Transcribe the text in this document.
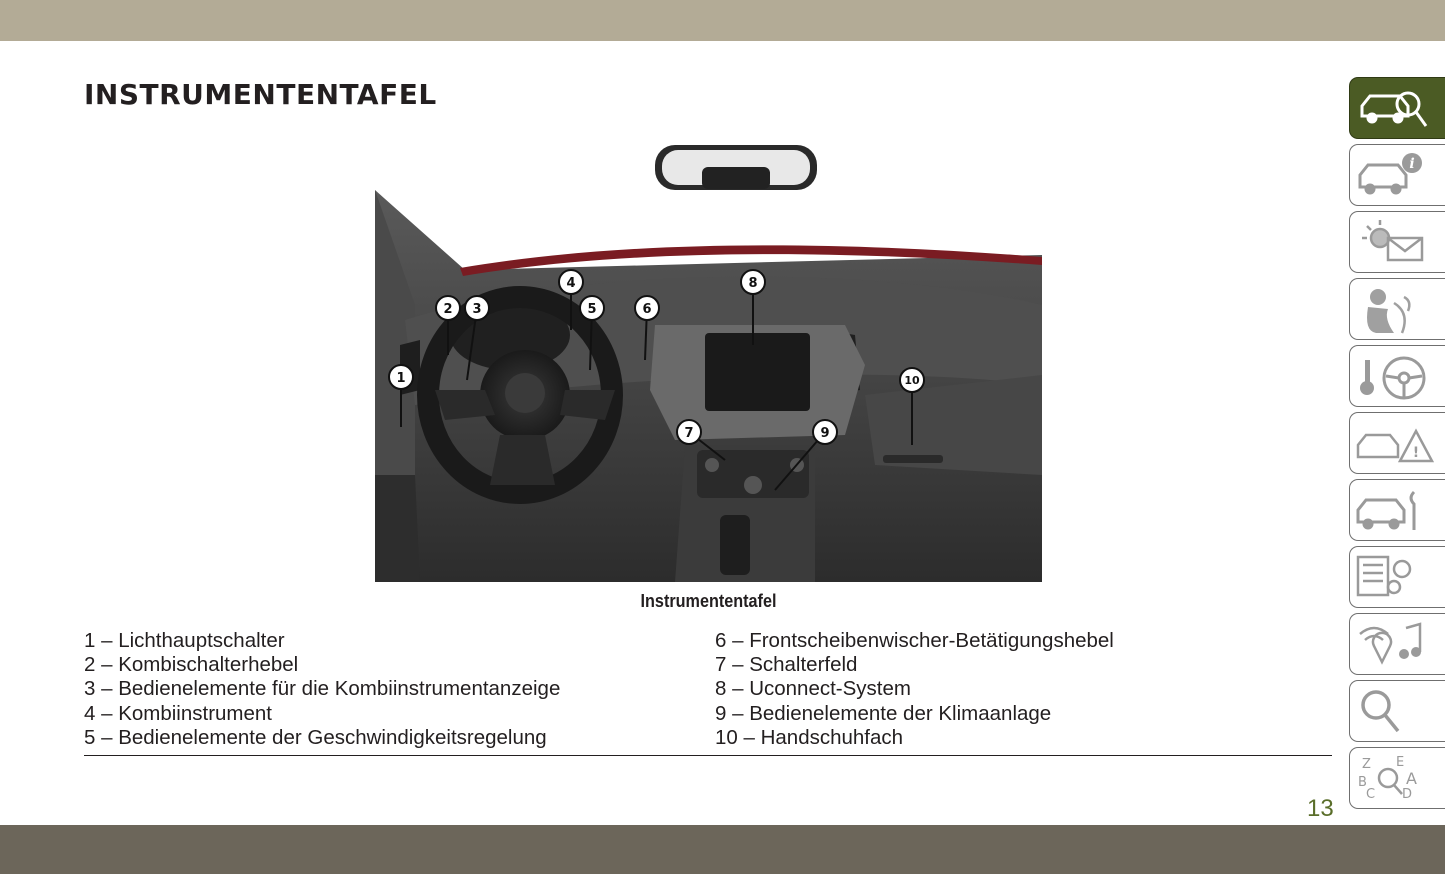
INSTRUMENTENTAFEL
1
2 3
4
5	6
7
8
9
10
Instrumententafel
1 – Lichthauptschalter
2 – Kombischalterhebel
3 – Bedienelemente für die Kombiinstrumentanzeige
4 – Kombiinstrument
5 – Bedienelemente der Geschwindigkeitsregelung
6 – Frontscheibenwischer-Betätigungshebel
7 – Schalterfeld
8 – Uconnect-System
9 – Bedienelemente der Klimaanlage
10 – Handschuhfach
13
i
!
Z E
B A
C D
